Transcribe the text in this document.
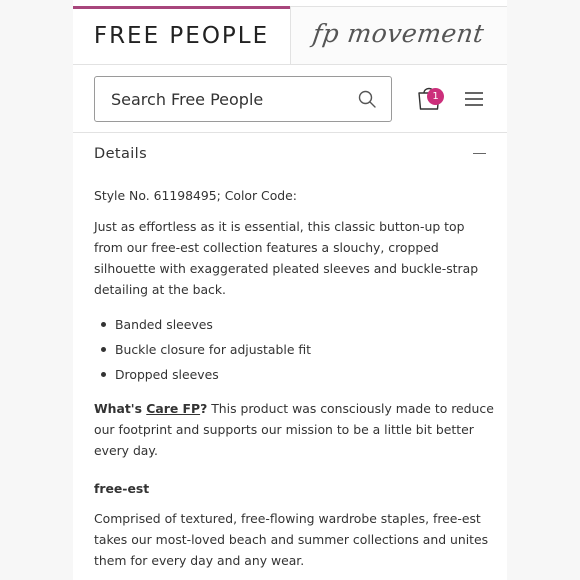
FREE PEOPLE fp movement
Search Free People
1
Details

Style No. 61198495; Color Code:

Just as effortless as it is essential, this classic button-up top
from our free-est collection features a slouchy, cropped
silhouette with exaggerated pleated sleeves and buckle-strap
detailing at the back.

Banded sleeves
Buckle closure for adjustable fit
Dropped sleeves

What's Care FP? This product was consciously made to reduce
our footprint and supports our mission to be a little bit better
every day.

free-est

Comprised of textured, free-flowing wardrobe staples, free-est
takes our most-loved beach and summer collections and unites
them for every day and any wear.
